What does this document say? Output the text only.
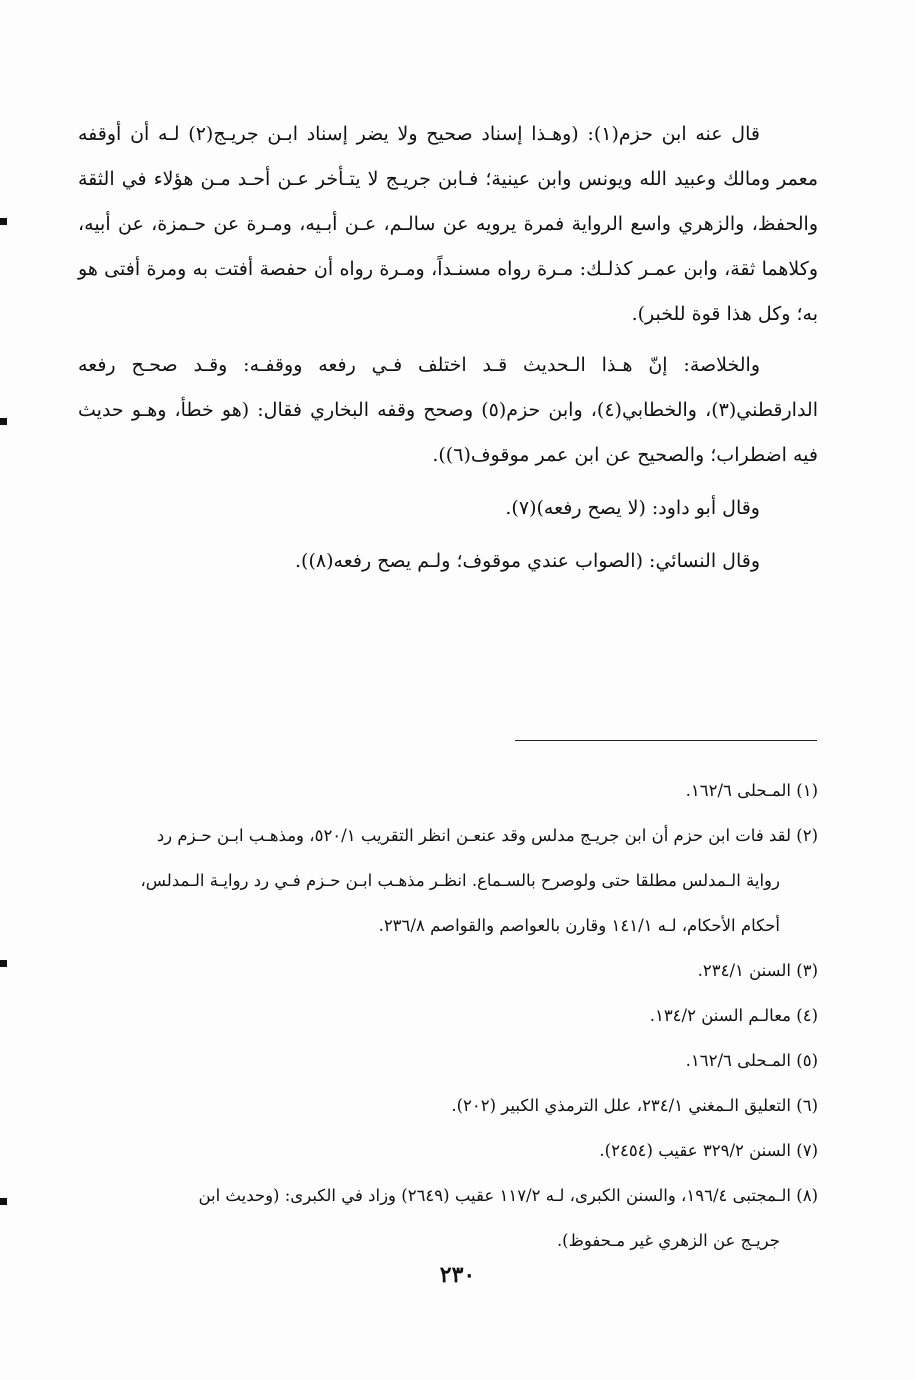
قال عنه ابن حزم(١): (وهـذا إسناد صحيح ولا يضر إسناد ابـن جريـج(٢) لـه أن أوقفه معمر ومالك وعبيد الله ويونس وابن عينية؛ فـابن جريـج لا يتـأخر عـن أحـد مـن هؤلاء في الثقة والحفظ، والزهري واسع الرواية فمرة يرويه عن سالـم، عـن أبـيه، ومـرة عن حـمزة، عن أبيه، وكلاهما ثقة، وابن عمـر كذلـك: مـرة رواه مسنـداً، ومـرة رواه أن حفصة أفتت به ومرة أفتى هو به؛ وكل هذا قوة للخبر).

والخلاصة: إنّ هـذا الـحديث قـد اختلف فـي رفعه ووقفـه: وقـد صحـح رفعه الدارقطني(٣)، والخطابي(٤)، وابن حزم(٥) وصحح وقفه البخاري فقال: (هو خطأ، وهـو حديث فيه اضطراب؛ والصحيح عن ابن عمر موقوف(٦)).

وقال أبو داود: (لا يصح رفعه)(٧).

وقال النسائي: (الصواب عندي موقوف؛ ولـم يصح رفعه(٨)).

(١) المـحلى ١٦٢/٦.

(٢) لقد فات ابن حزم أن ابن جريـج مدلس وقد عنعـن انظر التقريب ٥٢٠/١، ومذهـب ابـن حـزم رد
رواية الـمدلس مطلقا حتى ولوصرح بالسـماع. انظـر مذهـب ابـن حـزم فـي رد روايـة الـمدلس،
أحكام الأحكام، لـه ١٤١/١ وقارن بالعواصم والقواصم ٢٣٦/٨.

(٣) السنن ٢٣٤/١.

(٤) معالـم السنن ١٣٤/٢.

(٥) المـحلى ١٦٢/٦.

(٦) التعليق الـمغني ٢٣٤/١، علل الترمذي الكبير (٢٠٢).

(٧) السنن ٣٢٩/٢ عقيب (٢٤٥٤).

(٨) الـمجتبى ١٩٦/٤، والسنن الكبرى، لـه ١١٧/٢ عقيب (٢٦٤٩) وزاد في الكبرى: (وحديث ابن
جريـج عن الزهري غير مـحفوظ).

٢٣٠
